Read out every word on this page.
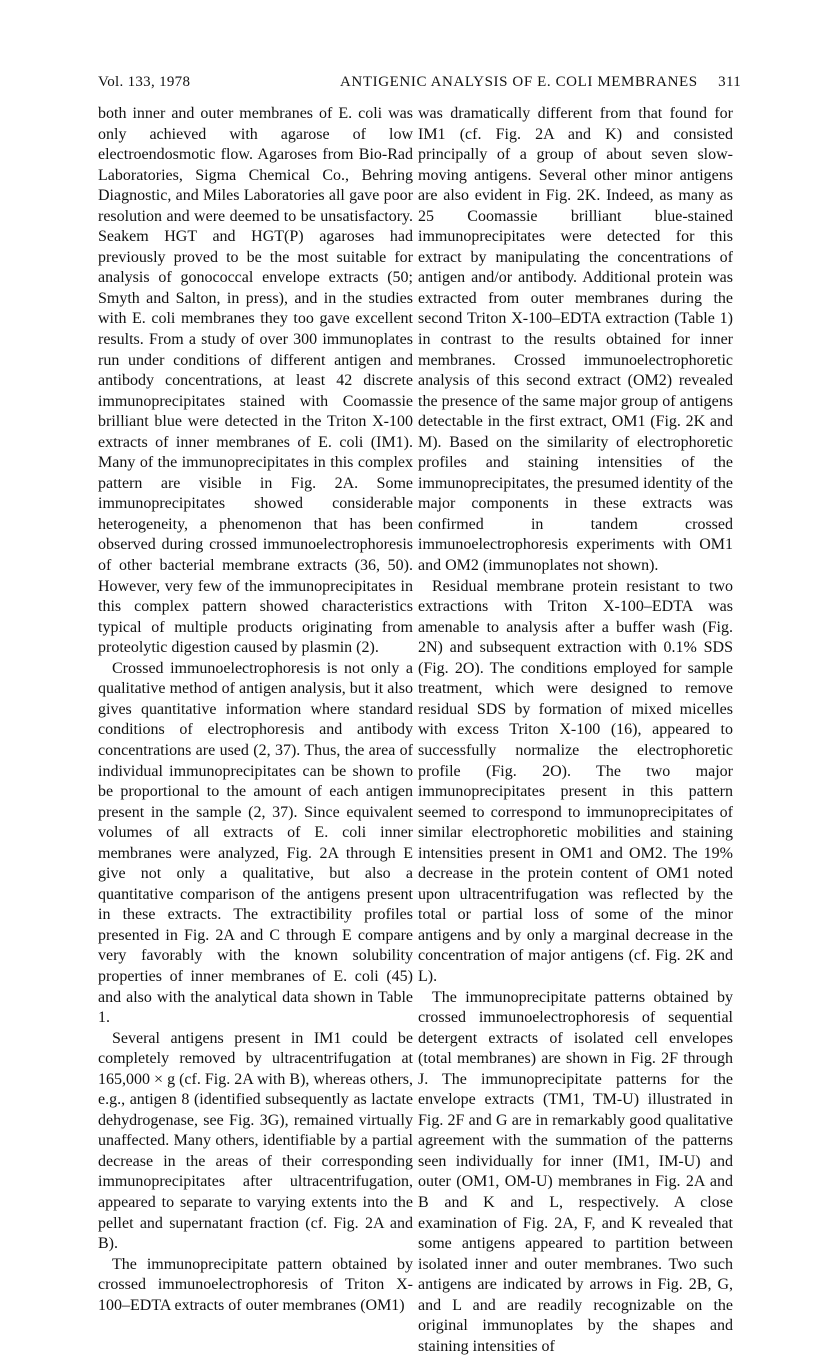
Vol. 133, 1978	ANTIGENIC ANALYSIS OF E. COLI MEMBRANES 311

both inner and outer membranes of E. coli was only achieved with agarose of low electroendosmotic flow. Agaroses from Bio-Rad Laboratories, Sigma Chemical Co., Behring Diagnostic, and Miles Laboratories all gave poor resolution and were deemed to be unsatisfactory. Seakem HGT and HGT(P) agaroses had previously proved to be the most suitable for analysis of gonococcal envelope extracts (50; Smyth and Salton, in press), and in the studies with E. coli membranes they too gave excellent results. From a study of over 300 immunoplates run under conditions of different antigen and antibody concentrations, at least 42 discrete immunoprecipitates stained with Coomassie brilliant blue were detected in the Triton X-100 extracts of inner membranes of E. coli (IM1). Many of the immunoprecipitates in this complex pattern are visible in Fig. 2A. Some immunoprecipitates showed considerable heterogeneity, a phenomenon that has been observed during crossed immunoelectrophoresis of other bacterial membrane extracts (36, 50). However, very few of the immunoprecipitates in this complex pattern showed characteristics typical of multiple products originating from proteolytic digestion caused by plasmin (2).

Crossed immunoelectrophoresis is not only a qualitative method of antigen analysis, but it also gives quantitative information where standard conditions of electrophoresis and antibody concentrations are used (2, 37). Thus, the area of individual immunoprecipitates can be shown to be proportional to the amount of each antigen present in the sample (2, 37). Since equivalent volumes of all extracts of E. coli inner membranes were analyzed, Fig. 2A through E give not only a qualitative, but also a quantitative comparison of the antigens present in these extracts. The extractibility profiles presented in Fig. 2A and C through E compare very favorably with the known solubility properties of inner membranes of E. coli (45) and also with the analytical data shown in Table 1.

Several antigens present in IM1 could be completely removed by ultracentrifugation at 165,000 × g (cf. Fig. 2A with B), whereas others, e.g., antigen 8 (identified subsequently as lactate dehydrogenase, see Fig. 3G), remained virtually unaffected. Many others, identifiable by a partial decrease in the areas of their corresponding immunoprecipitates after ultracentrifugation, appeared to separate to varying extents into the pellet and supernatant fraction (cf. Fig. 2A and B).

The immunoprecipitate pattern obtained by crossed immunoelectrophoresis of Triton X-100–EDTA extracts of outer membranes (OM1)

was dramatically different from that found for IM1 (cf. Fig. 2A and K) and consisted principally of a group of about seven slow-moving antigens. Several other minor antigens are also evident in Fig. 2K. Indeed, as many as 25 Coomassie brilliant blue-stained immunoprecipitates were detected for this extract by manipulating the concentrations of antigen and/or antibody. Additional protein was extracted from outer membranes during the second Triton X-100–EDTA extraction (Table 1) in contrast to the results obtained for inner membranes. Crossed immunoelectrophoretic analysis of this second extract (OM2) revealed the presence of the same major group of antigens detectable in the first extract, OM1 (Fig. 2K and M). Based on the similarity of electrophoretic profiles and staining intensities of the immunoprecipitates, the presumed identity of the major components in these extracts was confirmed in tandem crossed immunoelectrophoresis experiments with OM1 and OM2 (immunoplates not shown).

Residual membrane protein resistant to two extractions with Triton X-100–EDTA was amenable to analysis after a buffer wash (Fig. 2N) and subsequent extraction with 0.1% SDS (Fig. 2O). The conditions employed for sample treatment, which were designed to remove residual SDS by formation of mixed micelles with excess Triton X-100 (16), appeared to successfully normalize the electrophoretic profile (Fig. 2O). The two major immunoprecipitates present in this pattern seemed to correspond to immunoprecipitates of similar electrophoretic mobilities and staining intensities present in OM1 and OM2. The 19% decrease in the protein content of OM1 noted upon ultracentrifugation was reflected by the total or partial loss of some of the minor antigens and by only a marginal decrease in the concentration of major antigens (cf. Fig. 2K and L).

The immunoprecipitate patterns obtained by crossed immunoelectrophoresis of sequential detergent extracts of isolated cell envelopes (total membranes) are shown in Fig. 2F through J. The immunoprecipitate patterns for the envelope extracts (TM1, TM-U) illustrated in Fig. 2F and G are in remarkably good qualitative agreement with the summation of the patterns seen individually for inner (IM1, IM-U) and outer (OM1, OM-U) membranes in Fig. 2A and B and K and L, respectively. A close examination of Fig. 2A, F, and K revealed that some antigens appeared to partition between isolated inner and outer membranes. Two such antigens are indicated by arrows in Fig. 2B, G, and L and are readily recognizable on the original immunoplates by the shapes and staining intensities of
